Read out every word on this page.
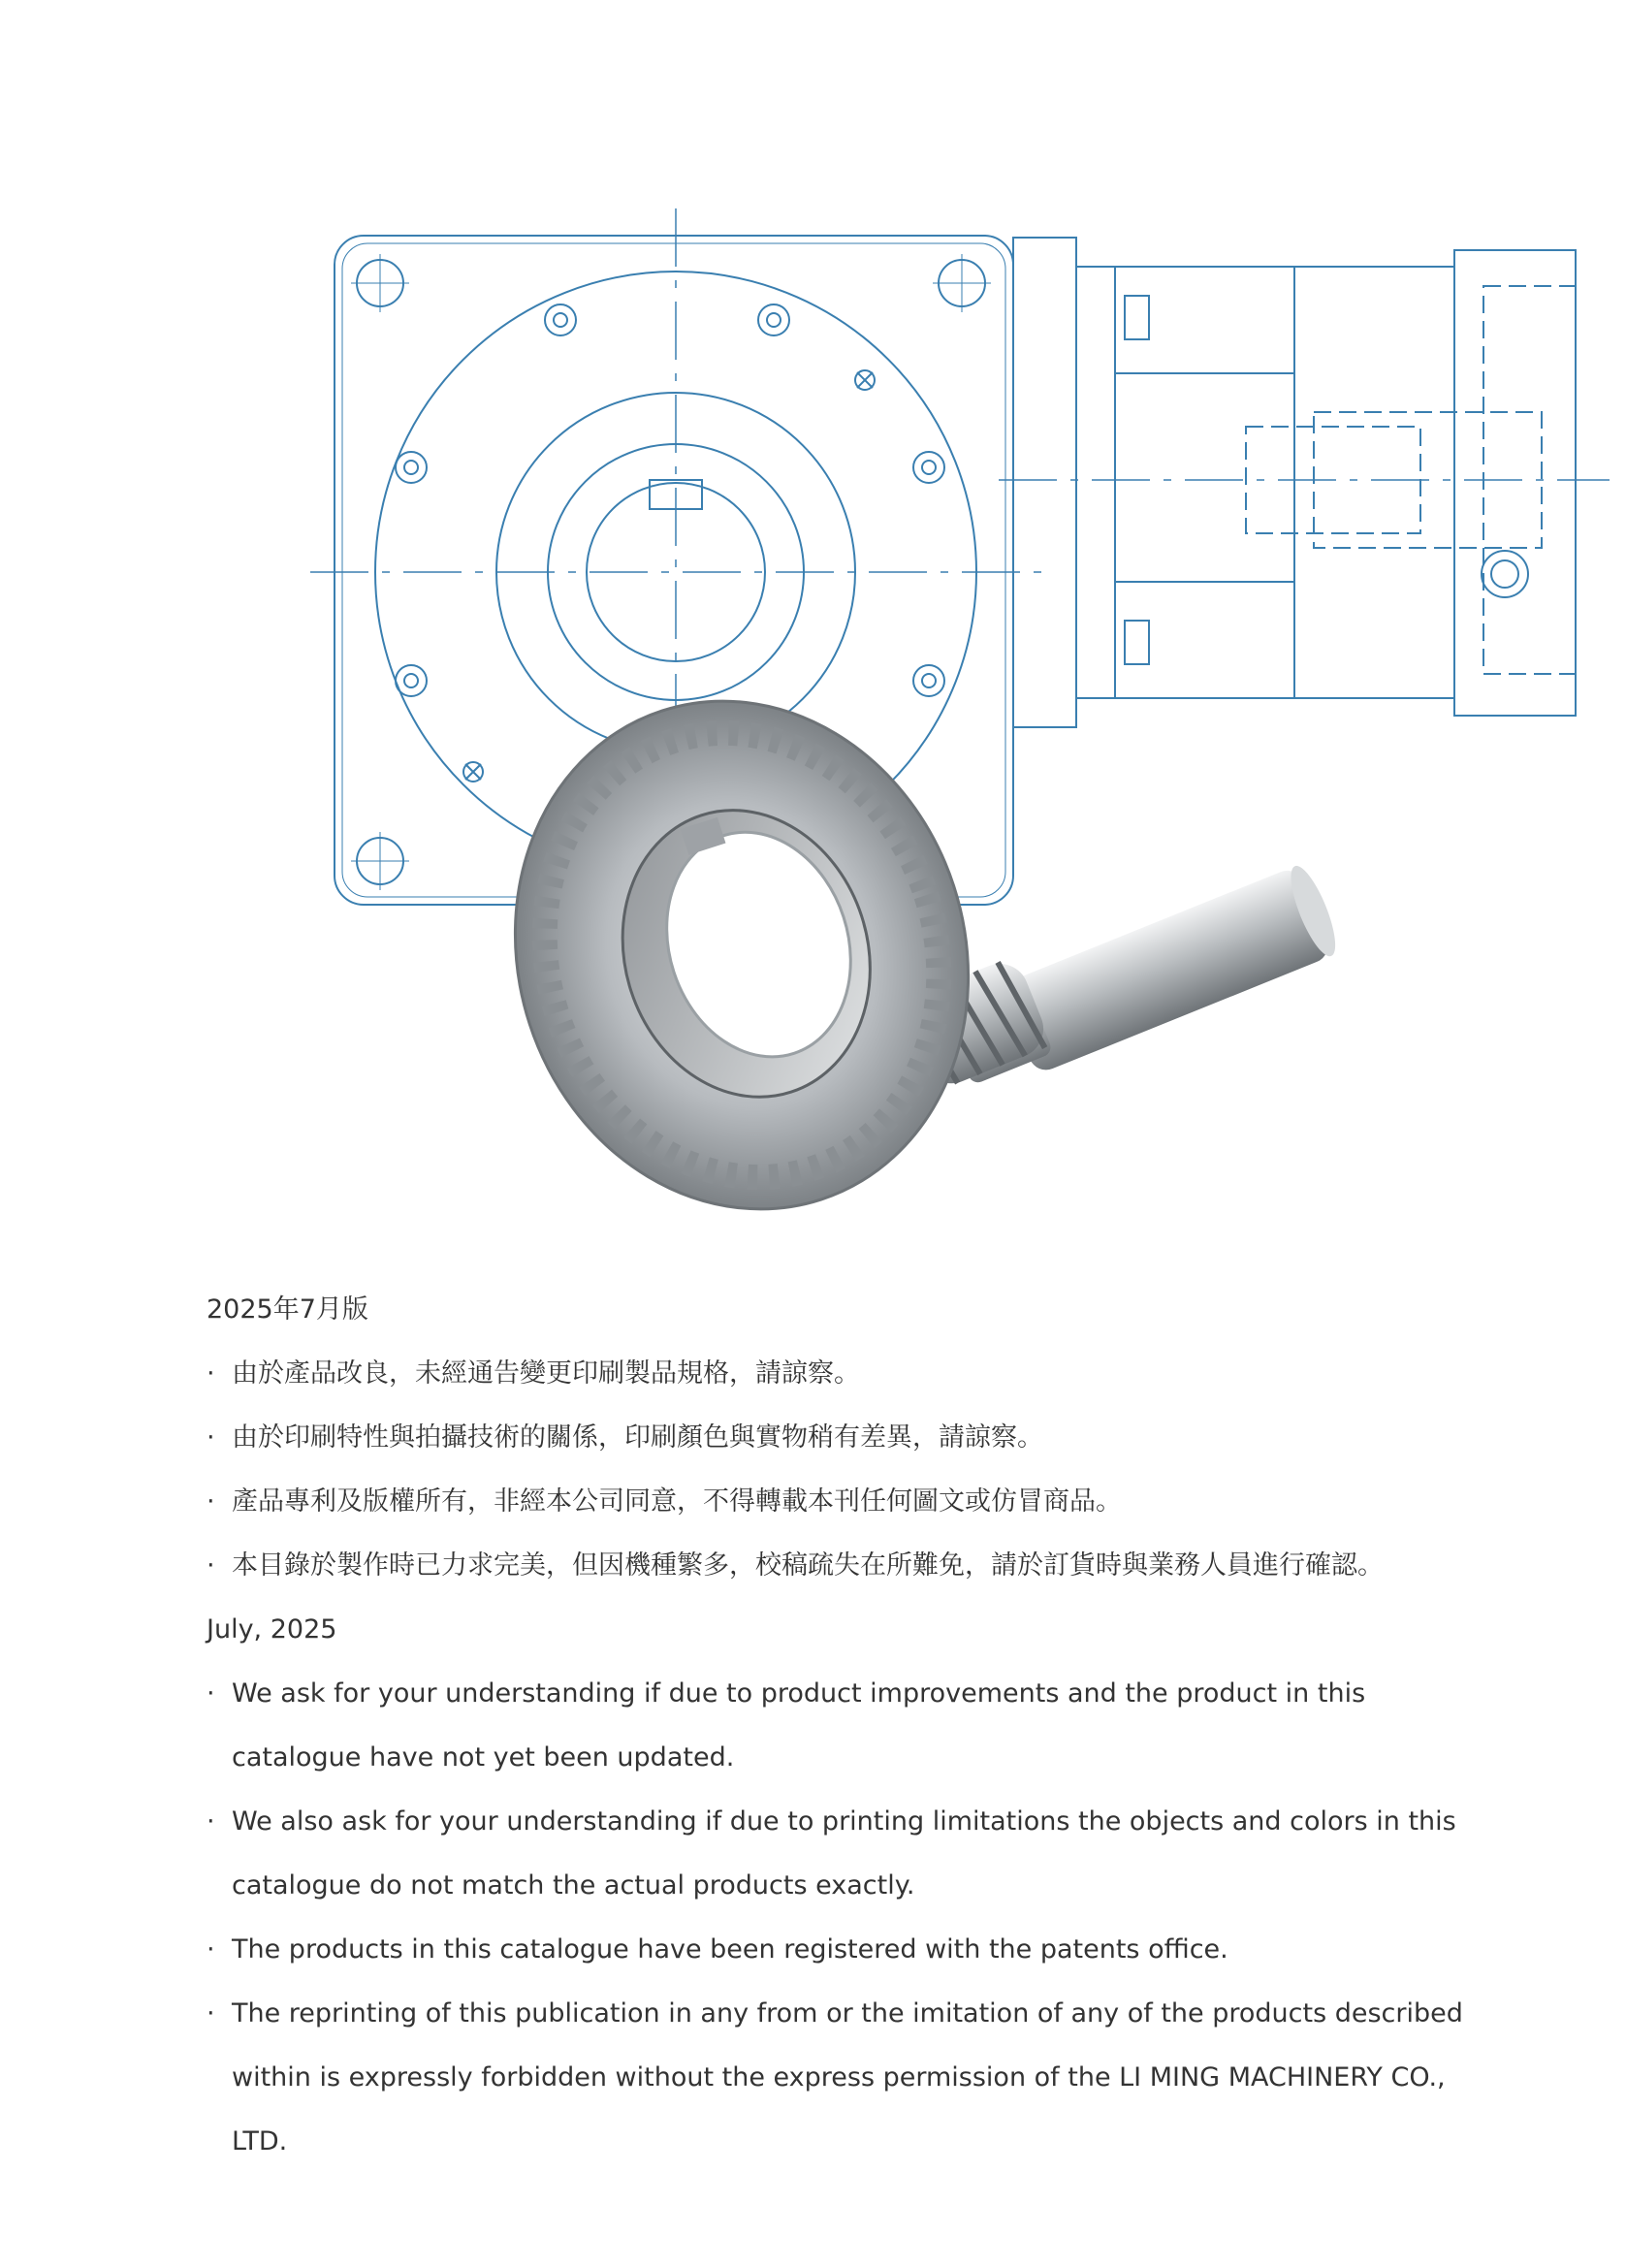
2025年7月版
· 由於產品改良，未經通告變更印刷製品規格，請諒察。
· 由於印刷特性與拍攝技術的關係，印刷顏色與實物稍有差異，請諒察。
· 產品專利及版權所有，非經本公司同意，不得轉載本刊任何圖文或仿冒商品。
· 本目錄於製作時已力求完美，但因機種繁多，校稿疏失在所難免，請於訂貨時與業務人員進行確認。
July, 2025
· We ask for your understanding if due to product improvements and the product in this catalogue have not yet been updated.
· We also ask for your understanding if due to printing limitations the objects and colors in this catalogue do not match the actual products exactly.
· The products in this catalogue have been registered with the patents office.
· The reprinting of this publication in any from or the imitation of any of the products described within is expressly forbidden without the express permission of the LI MING MACHINERY CO., LTD.
